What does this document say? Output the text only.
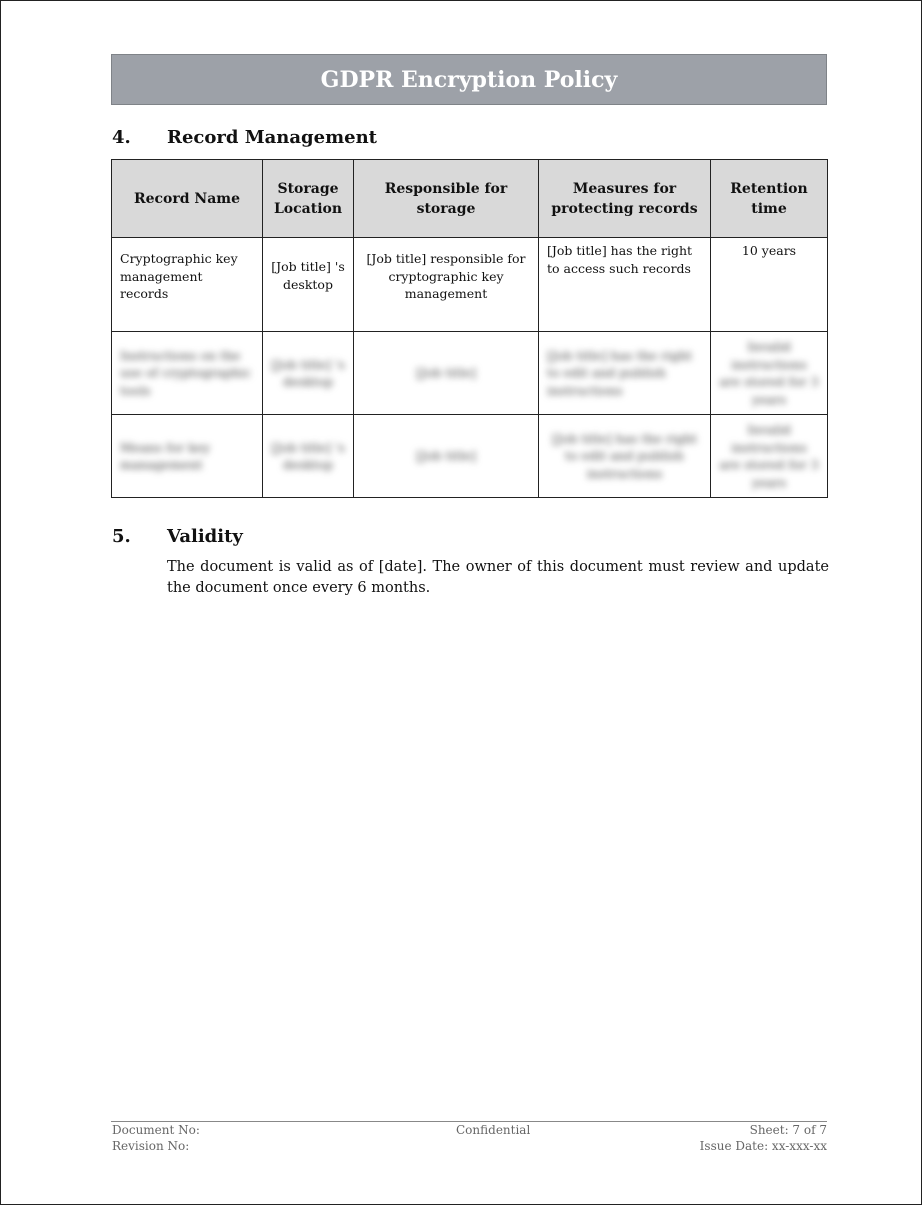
GDPR Encryption Policy
4. Record Management
Record Name	Storage Location	Responsible for storage	Measures for protecting records	Retention time
Cryptographic key management records	[Job title] 's desktop	[Job title] responsible for cryptographic key management	[Job title] has the right to access such records	10 years

Instructions on the use of cryptographic tools	[Job title] 's desktop	[Job title]	[Job title] has the right to edit and publish instructions	Invalid instructions are stored for 3 years

Means for key management	[Job title] 's desktop	[Job title]	[Job title] has the right to edit and publish instructions	Invalid instructions are stored for 3 years
5. Validity
The document is valid as of [date]. The owner of this document must review and update the document once every 6 months.
Document No:
Revision No:
Confidential	Sheet: 7 of 7
Issue Date: xx-xxx-xx
